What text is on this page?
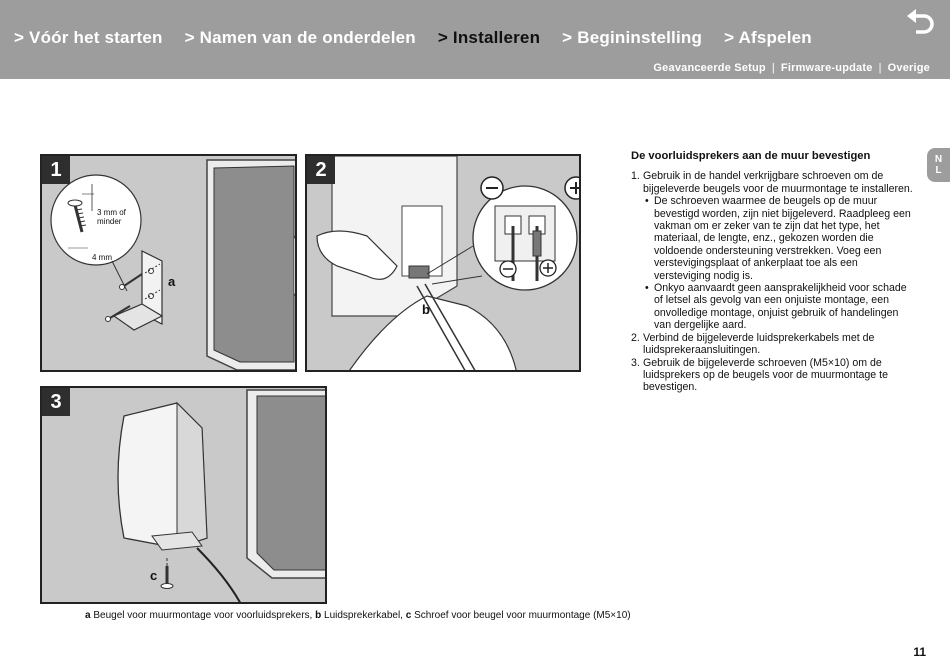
> Vóór het starten > Namen van de onderdelen > Installeren > Begininstelling > Afspelen
Geavanceerde Setup | Firmware-update | Overige
1
3 mm of
minder
4 mm
a
2
b
3
c
a Beugel voor muurmontage voor voorluidsprekers, b Luidsprekerkabel, c Schroef voor beugel voor muurmontage (M5×10)
De voorluidsprekers aan de muur bevestigen
1. Gebruik in de handel verkrijgbare schroeven om de bijgeleverde beugels voor de muurmontage te installeren.
• De schroeven waarmee de beugels op de muur bevestigd worden, zijn niet bijgeleverd. Raadpleeg een vakman om er zeker van te zijn dat het type, het materiaal, de lengte, enz., gekozen worden die voldoende ondersteuning verstrekken. Voeg een verstevigingsplaat of ankerplaat toe als een versteviging nodig is.
• Onkyo aanvaardt geen aansprakelijkheid voor schade of letsel als gevolg van een onjuiste montage, een onvolledige montage, onjuist gebruik of handelingen van dergelijke aard.
2. Verbind de bijgeleverde luidsprekerkabels met de luidsprekeraansluitingen.
3. Gebruik de bijgeleverde schroeven (M5×10) om de luidsprekers op de beugels voor de muurmontage te bevestigen.
N
L
11
